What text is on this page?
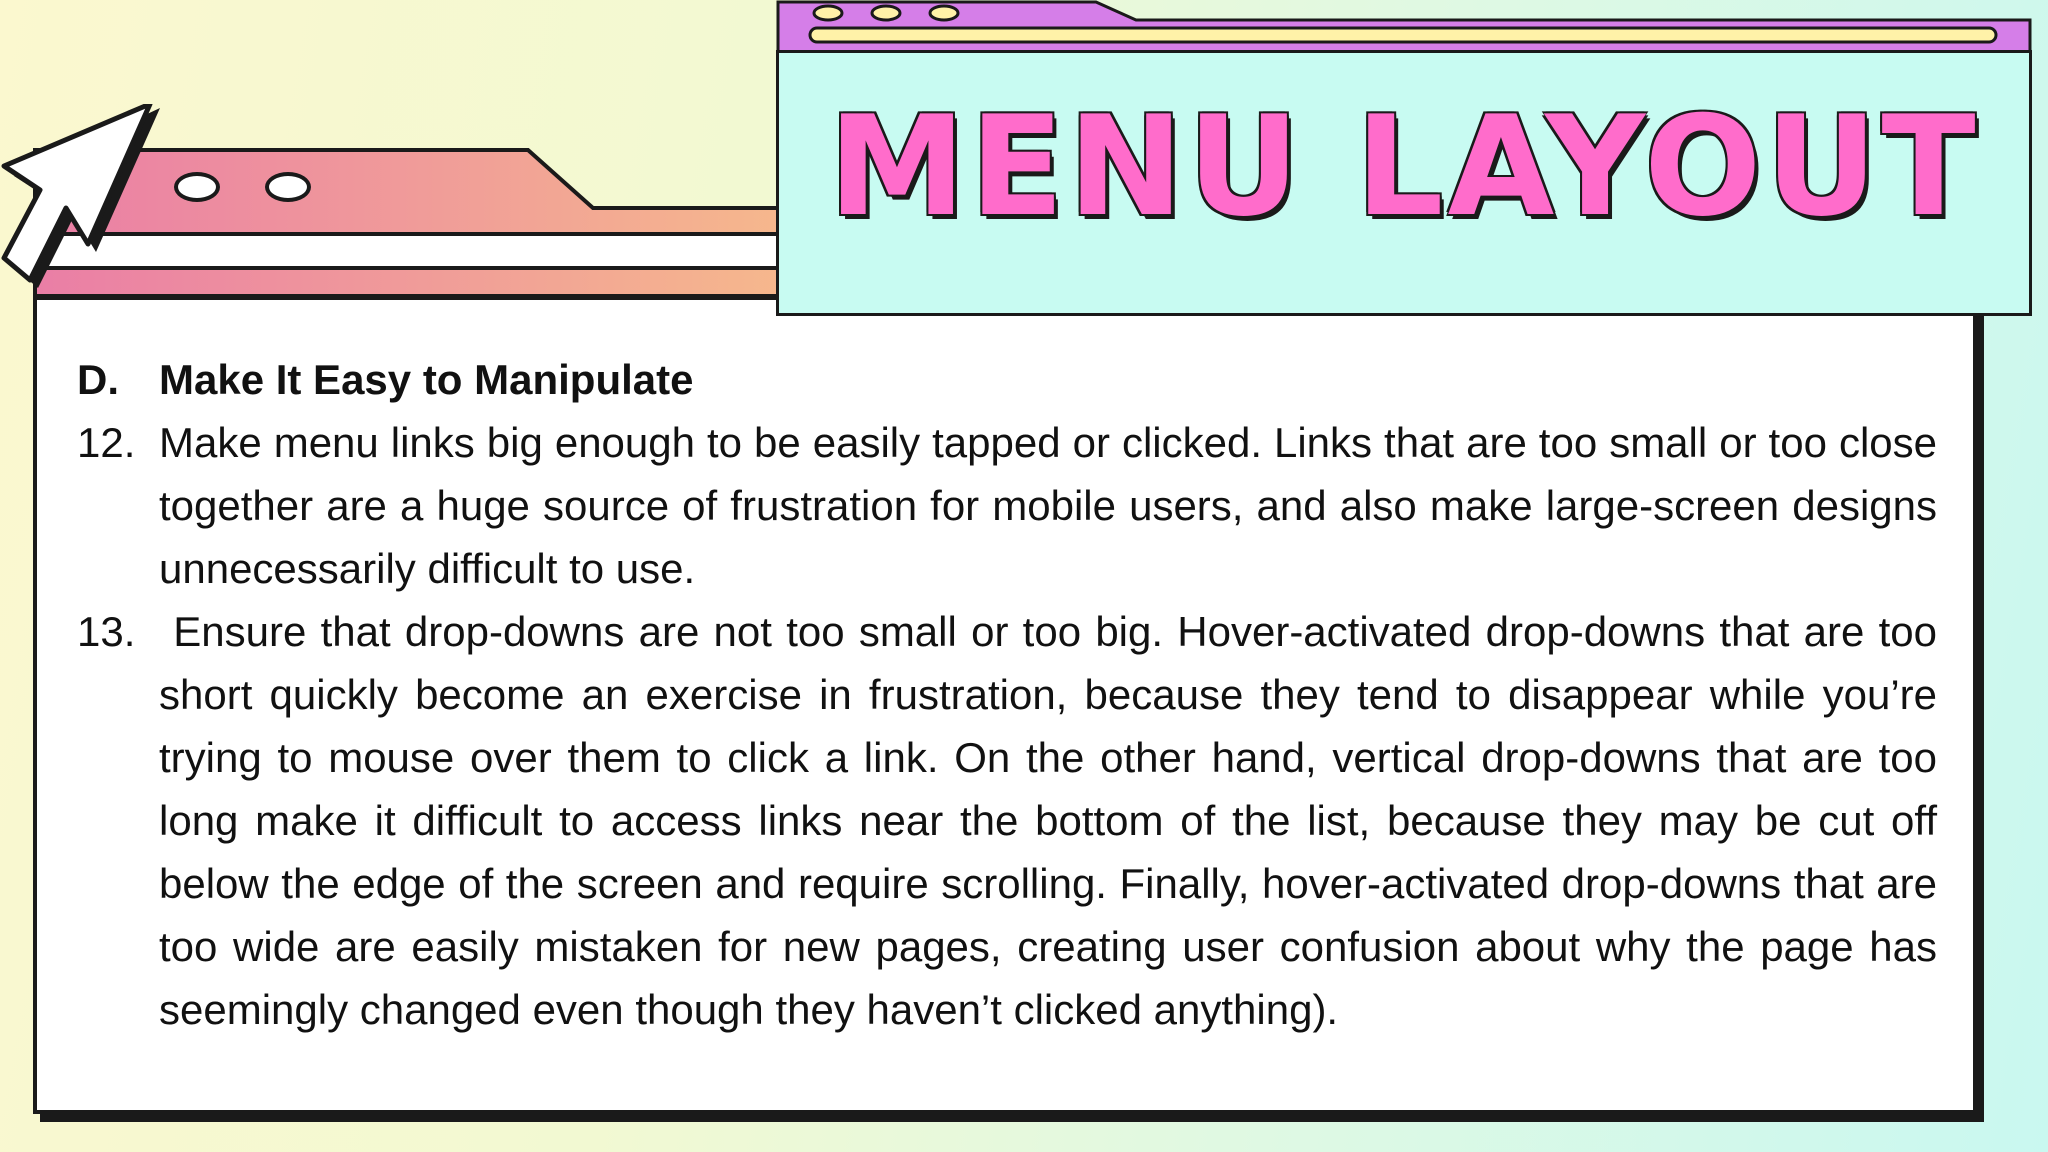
D. Make It Easy to Manipulate
12. Make menu links big enough to be easily tapped or clicked. Links that are too small or too close together are a huge source of frustration for mobile users, and also make large-screen designs unnecessarily difficult to use.
13. Ensure that drop-downs are not too small or too big. Hover-activated drop-downs that are too short quickly become an exercise in frustration, because they tend to disappear while you’re trying to mouse over them to click a link. On the other hand, vertical drop-downs that are too long make it difficult to access links near the bottom of the list, because they may be cut off below the edge of the screen and require scrolling. Finally, hover-activated drop-downs that are too wide are easily mistaken for new pages, creating user confusion about why the page has seemingly changed even though they haven’t clicked anything).
MENU LAYOUT
